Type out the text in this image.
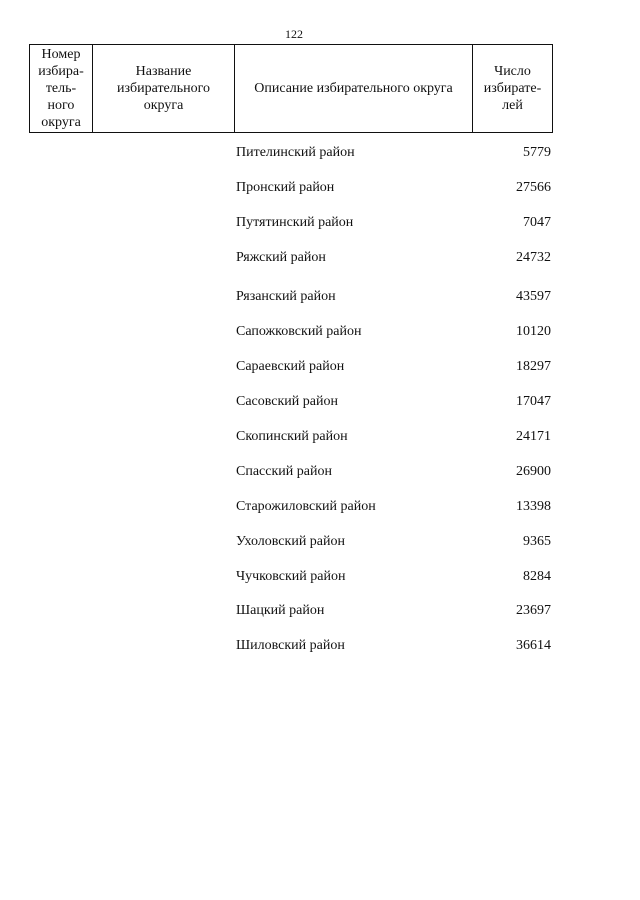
122
Номер
избира-
тель-
ного
округа

Название
избирательного
округа

Описание избирательного округа

Число
избирате-
лей
Пителинский район	5779
Пронский район	27566
Путятинский район	7047
Ряжский район	24732
Рязанский район	43597
Сапожковский район	10120
Сараевский район	18297
Сасовский район	17047
Скопинский район	24171
Спасский район	26900
Старожиловский район	13398
Ухоловский район	9365
Чучковский район	8284
Шацкий район	23697
Шиловский район	36614
